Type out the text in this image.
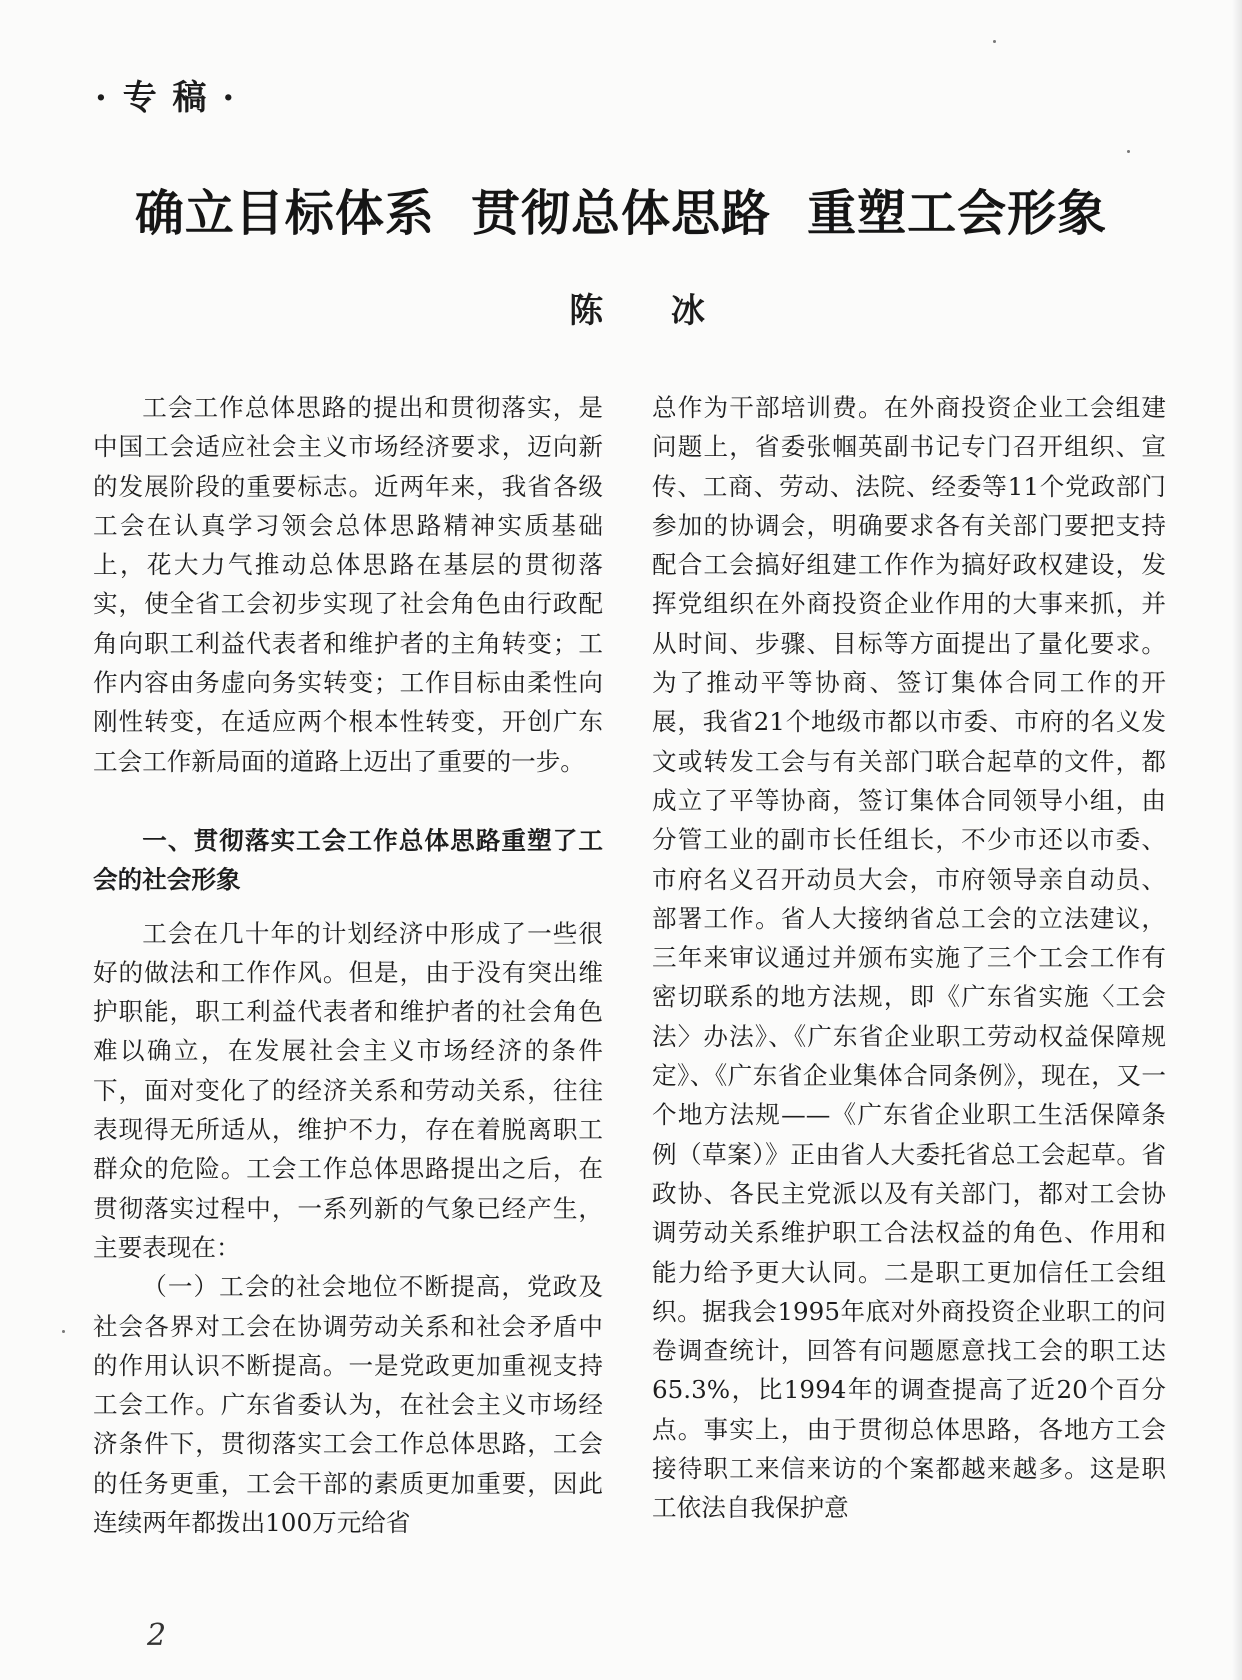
· 专 稿 ·
确立目标体系  贯彻总体思路  重塑工会形象
陈 冰

工会工作总体思路的提出和贯彻落实，是中国工会适应社会主义市场经济要求，迈向新的发展阶段的重要标志。近两年来，我省各级工会在认真学习领会总体思路精神实质基础上，花大力气推动总体思路在基层的贯彻落实，使全省工会初步实现了社会角色由行政配角向职工利益代表者和维护者的主角转变；工作内容由务虚向务实转变；工作目标由柔性向刚性转变，在适应两个根本性转变，开创广东工会工作新局面的道路上迈出了重要的一步。

一、贯彻落实工会工作总体思路重塑了工会的社会形象

工会在几十年的计划经济中形成了一些很好的做法和工作作风。但是，由于没有突出维护职能，职工利益代表者和维护者的社会角色难以确立，在发展社会主义市场经济的条件下，面对变化了的经济关系和劳动关系，往往表现得无所适从，维护不力，存在着脱离职工群众的危险。工会工作总体思路提出之后，在贯彻落实过程中，一系列新的气象已经产生，主要表现在：

（一）工会的社会地位不断提高，党政及社会各界对工会在协调劳动关系和社会矛盾中的作用认识不断提高。一是党政更加重视支持工会工作。广东省委认为，在社会主义市场经济条件下，贯彻落实工会工作总体思路，工会的任务更重，工会干部的素质更加重要，因此连续两年都拨出100万元给省

总作为干部培训费。在外商投资企业工会组建问题上，省委张帼英副书记专门召开组织、宣传、工商、劳动、法院、经委等11个党政部门参加的协调会，明确要求各有关部门要把支持配合工会搞好组建工作作为搞好政权建设，发挥党组织在外商投资企业作用的大事来抓，并从时间、步骤、目标等方面提出了量化要求。为了推动平等协商、签订集体合同工作的开展，我省21个地级市都以市委、市府的名义发文或转发工会与有关部门联合起草的文件，都成立了平等协商，签订集体合同领导小组，由分管工业的副市长任组长，不少市还以市委、市府名义召开动员大会，市府领导亲自动员、部署工作。省人大接纳省总工会的立法建议，三年来审议通过并颁布实施了三个工会工作有密切联系的地方法规，即《广东省实施〈工会法〉办法》、《广东省企业职工劳动权益保障规定》、《广东省企业集体合同条例》，现在，又一个地方法规——《广东省企业职工生活保障条例（草案）》正由省人大委托省总工会起草。省政协、各民主党派以及有关部门，都对工会协调劳动关系维护职工合法权益的角色、作用和能力给予更大认同。二是职工更加信任工会组织。据我会1995年底对外商投资企业职工的问卷调查统计，回答有问题愿意找工会的职工达65.3%，比1994年的调查提高了近20个百分点。事实上，由于贯彻总体思路，各地方工会接待职工来信来访的个案都越来越多。这是职工依法自我保护意

2
